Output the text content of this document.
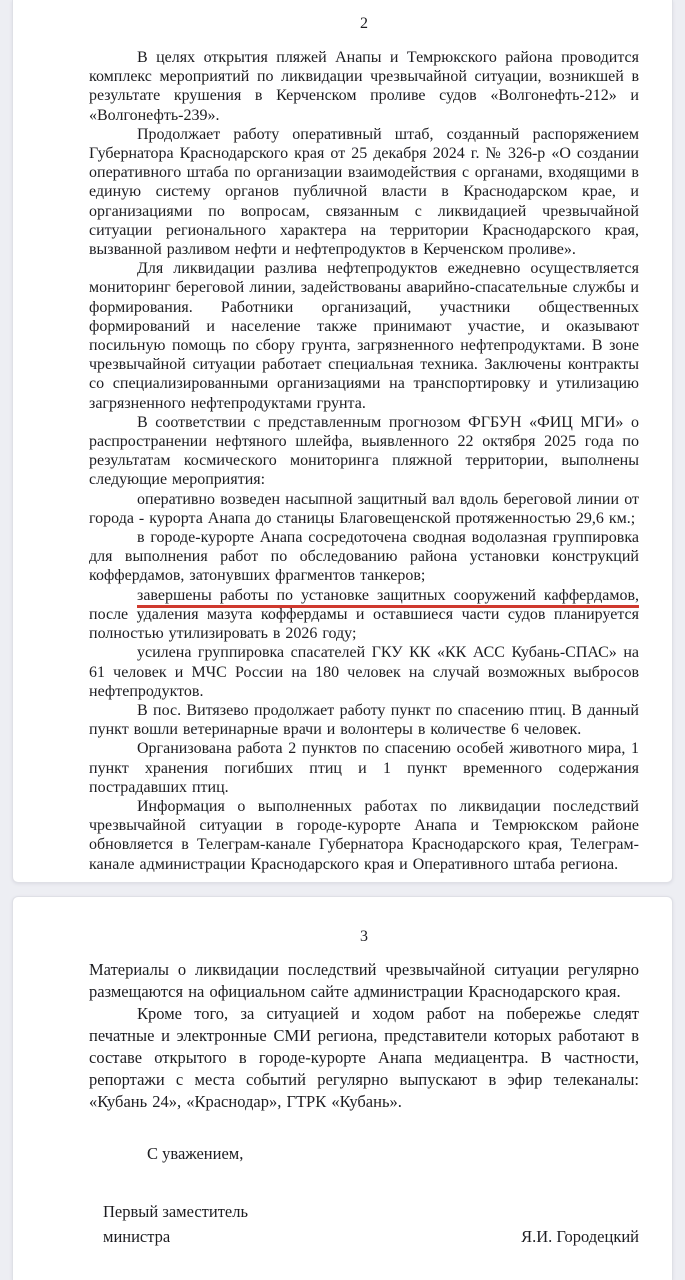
2

В целях открытия пляжей Анапы и Темрюкского района проводится комплекс мероприятий по ликвидации чрезвычайной ситуации, возникшей в результате крушения в Керченском проливе судов «Волгонефть-212» и «Волгонефть-239».

Продолжает работу оперативный штаб, созданный распоряжением Губернатора Краснодарского края от 25 декабря 2024 г. № 326-р «О создании оперативного штаба по организации взаимодействия с органами, входящими в единую систему органов публичной власти в Краснодарском крае, и организациями по вопросам, связанным с ликвидацией чрезвычайной ситуации регионального характера на территории Краснодарского края, вызванной разливом нефти и нефтепродуктов в Керченском проливе».

Для ликвидации разлива нефтепродуктов ежедневно осуществляется мониторинг береговой линии, задействованы аварийно-спасательные службы и формирования. Работники организаций, участники общественных формирований и население также принимают участие, и оказывают посильную помощь по сбору грунта, загрязненного нефтепродуктами. В зоне чрезвычайной ситуации работает специальная техника. Заключены контракты со специализированными организациями на транспортировку и утилизацию загрязненного нефтепродуктами грунта.

В соответствии с представленным прогнозом ФГБУН «ФИЦ МГИ» о распространении нефтяного шлейфа, выявленного 22 октября 2025 года по результатам космического мониторинга пляжной территории, выполнены следующие мероприятия:

оперативно возведен насыпной защитный вал вдоль береговой линии от города - курорта Анапа до станицы Благовещенской протяженностью 29,6 км.;

в городе-курорте Анапа сосредоточена сводная водолазная группировка для выполнения работ по обследованию района установки конструкций коффердамов, затонувших фрагментов танкеров;

завершены работы по установке защитных сооружений каффердамов,
после удаления мазута коффердамы и оставшиеся части судов планируется полностью утилизировать в 2026 году;

усилена группировка спасателей ГКУ КК «КК АСС Кубань-СПАС» на 61 человек и МЧС России на 180 человек на случай возможных выбросов нефтепродуктов.

В пос. Витязево продолжает работу пункт по спасению птиц. В данный пункт вошли ветеринарные врачи и волонтеры в количестве 6 человек.

Организована работа 2 пунктов по спасению особей животного мира, 1 пункт хранения погибших птиц и 1 пункт временного содержания пострадавших птиц.

Информация о выполненных работах по ликвидации последствий чрезвычайной ситуации в городе-курорте Анапа и Темрюкском районе обновляется в Телеграм-канале Губернатора Краснодарского края, Телеграм-канале администрации Краснодарского края и Оперативного штаба региона.

3

Материалы о ликвидации последствий чрезвычайной ситуации регулярно размещаются на официальном сайте администрации Краснодарского края.

Кроме того, за ситуацией и ходом работ на побережье следят печатные и электронные СМИ региона, представители которых работают в составе открытого в городе-курорте Анапа медиацентра. В частности, репортажи с места событий регулярно выпускают в эфир телеканалы: «Кубань 24», «Краснодар», ГТРК «Кубань».

С уважением,
Первый заместитель
министра	Я.И. Городецкий
